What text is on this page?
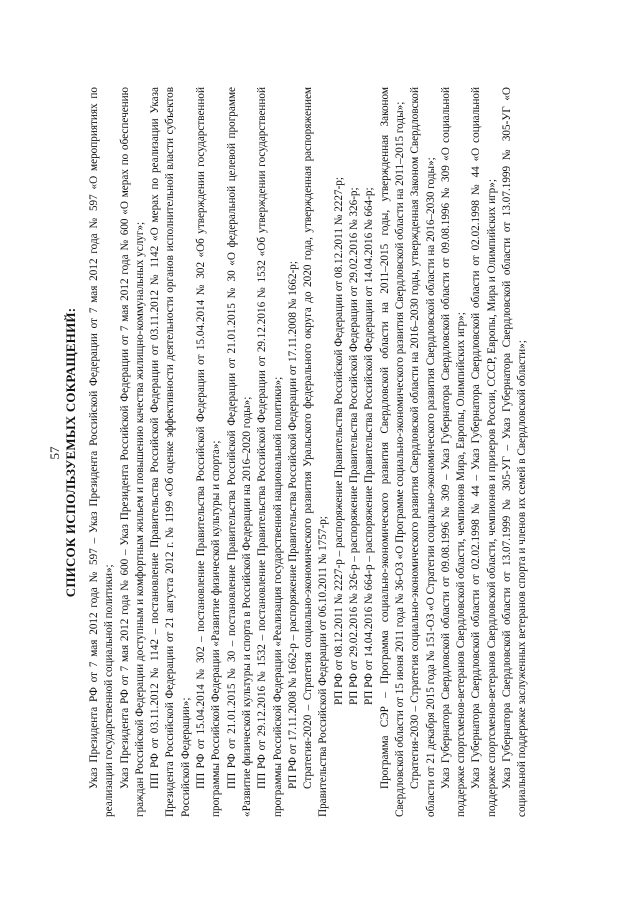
57 СПИСОК ИСПОЛЬЗУЕМЫХ СОКРАЩЕНИЙ: Указ Президента РФ от 7 мая 2012 года № 597 – Указ Президента Российской Федерации от 7 мая 2012 года № 597 «О мероприятиях по реализации государственной социальной политики»; Указ Президента РФ от 7 мая 2012 года № 600 – Указ Президента Российской Федерации от 7 мая 2012 года № 600 «О мерах по обеспечению граждан Российской Федерации доступным и комфортным жильем и повышению качества жилищно-коммунальных услуг»; ПП РФ от 03.11.2012 № 1142 – постановление Правительства Российской Федерации от 03.11.2012 № 1142 «О мерах по реализации Указа Президента Российской Федерации от 21 августа 2012 г. № 1199 «Об оценке эффективности деятельности органов исполнительной власти субъектов Российской Федерации»; ПП РФ от 15.04.2014 № 302 – постановление Правительства Российской Федерации от 15.04.2014 № 302 «Об утверждении государственной программы Российской Федерации «Развитие физической культуры и спорта»; ПП РФ от 21.01.2015 № 30 – постановление Правительства Российской Федерации от 21.01.2015 № 30 «О федеральной целевой программе «Развитие физической культуры и спорта в Российской Федерации на 2016–2020 годы»; ПП РФ от 29.12.2016 № 1532 – постановление Правительства Российской Федерации от 29.12.2016 № 1532 «Об утверждении государственной программы Российской Федерации «Реализация государственной национальной политики»; РП РФ от 17.11.2008 № 1662-р – распоряжение Правительства Российской Федерации от 17.11.2008 № 1662-р; Стратегия-2020 – Стратегия социально-экономического развития Уральского федерального округа до 2020 года, утвержденная распоряжением Правительства Российской Федерации от 06.10.2011 № 1757-р; РП РФ от 08.12.2011 № 2227-р – распоряжение Правительства Российской Федерации от 08.12.2011 № 2227-р; РП РФ от 29.02.2016 № 326-р – распоряжение Правительства Российской Федерации от 29.02.2016 № 326-р; РП РФ от 14.04.2016 № 664-р – распоряжение Правительства Российской Федерации от 14.04.2016 № 664-р; Программа СЭР – Программа социально-экономического развития Свердловской области на 2011–2015 годы, утвержденная Законом Свердловской области от 15 июня 2011 года № 36-ОЗ «О Программе социально-экономического развития Свердловской области на 2011–2015 годы»; Стратегия-2030 – Стратегия социально-экономического развития Свердловской области на 2016–2030 годы, утвержденная Законом Свердловской области от 21 декабря 2015 года № 151-ОЗ «О Стратегии социально-экономического развития Свердловской области на 2016–2030 годы»; Указ Губернатора Свердловской области от 09.08.1996 № 309 – Указ Губернатора Свердловской области от 09.08.1996 № 309 «О социальной поддержке спортсменов-ветеранов Свердловской области, чемпионов Мира, Европы, Олимпийских игр»; Указ Губернатора Свердловской области от 02.02.1998 № 44 – Указ Губернатора Свердловской области от 02.02.1998 № 44 «О социальной поддержке спортсменов-ветеранов Свердловской области, чемпионов и призеров России, СССР, Европы, Мира и Олимпийских игр»; Указ Губернатора Свердловской области от 13.07.1999 № 305-УГ – Указ Губернатора Свердловской области от 13.07.1999 № 305-УГ «О социальной поддержке заслуженных ветеранов спорта и членов их семей в Свердловской области»;
